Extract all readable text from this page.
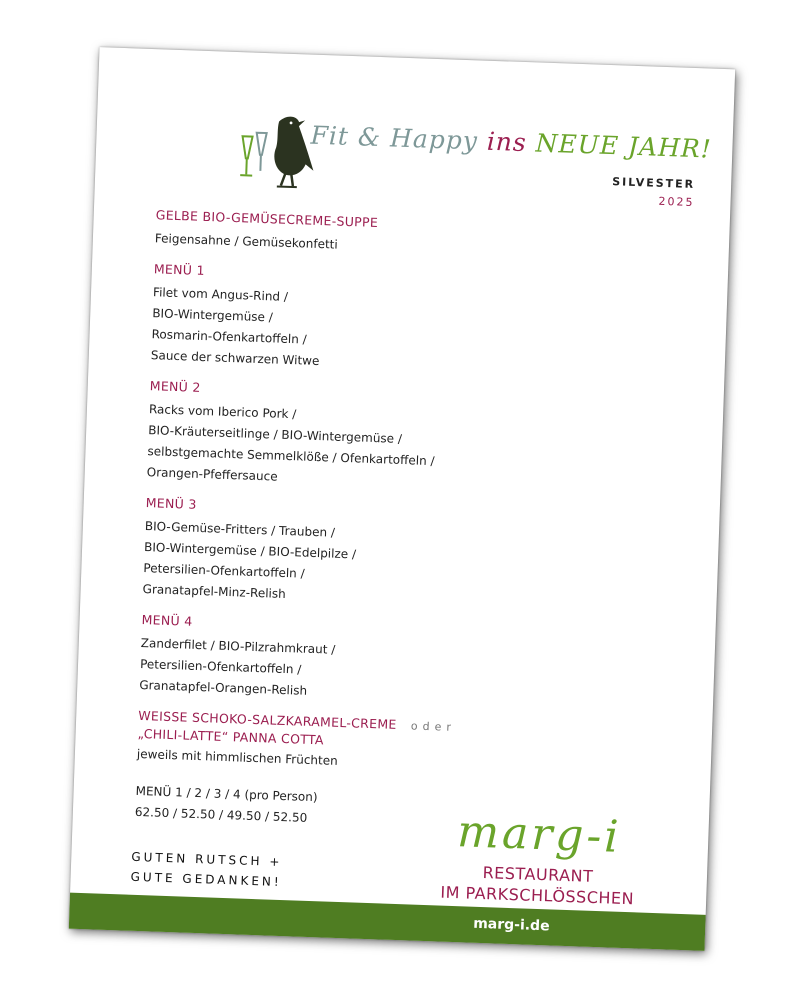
Fit & Happy ins NEUE JAHR!
SILVESTER
2025
GELBE BIO-GEMÜSECREME-SUPPE
Feigensahne / Gemüsekonfetti
MENÜ 1
Filet vom Angus-Rind /
BIO-Wintergemüse /
Rosmarin-Ofenkartoffeln /
Sauce der schwarzen Witwe
MENÜ 2
Racks vom Iberico Pork /
BIO-Kräuterseitlinge / BIO-Wintergemüse /
selbstgemachte Semmelklöße / Ofenkartoffeln /
Orangen-Pfeffersauce
MENÜ 3
BIO-Gemüse-Fritters / Trauben /
BIO-Wintergemüse / BIO-Edelpilze /
Petersilien-Ofenkartoffeln /
Granatapfel-Minz-Relish
MENÜ 4
Zanderfilet / BIO-Pilzrahmkraut /
Petersilien-Ofenkartoffeln /
Granatapfel-Orangen-Relish
WEISSE SCHOKO-SALZKARAMEL-CREME oder
„CHILI-LATTE“ PANNA COTTA
jeweils mit himmlischen Früchten
MENÜ 1 / 2 / 3 / 4 (pro Person)
62.50 / 52.50 / 49.50 / 52.50
GUTEN RUTSCH +
GUTE GEDANKEN!
marg-i
RESTAURANT
IM PARKSCHLÖSSCHEN
marg-i.de
